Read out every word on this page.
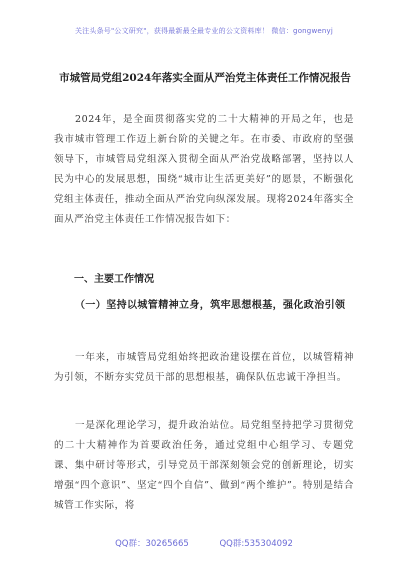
关注头条号"公文研究"，获得最新最全最专业的公文资料库！ 微信：gongwenyj
市城管局党组2024年落实全面从严治党主体责任工作情况报告
2024年，是全面贯彻落实党的二十大精神的开局之年，也是我市城市管理工作迈上新台阶的关键之年。在市委、市政府的坚强领导下，市城管局党组深入贯彻全面从严治党战略部署，坚持以人民为中心的发展思想，围绕“城市让生活更美好”的愿景，不断强化党组主体责任，推动全面从严治党向纵深发展。现将2024年落实全面从严治党主体责任工作情况报告如下：
一、主要工作情况
（一）坚持以城管精神立身，筑牢思想根基，强化政治引领
一年来，市城管局党组始终把政治建设摆在首位，以城管精神为引领，不断夯实党员干部的思想根基，确保队伍忠诚干净担当。
一是深化理论学习，提升政治站位。局党组坚持把学习贯彻党的二十大精神作为首要政治任务，通过党组中心组学习、专题党课、集中研讨等形式，引导党员干部深刻领会党的创新理论，切实增强“四个意识”、坚定“四个自信”、做到“两个维护”。特别是结合城管工作实际，将
QQ群：30265665	QQ群:535304092
